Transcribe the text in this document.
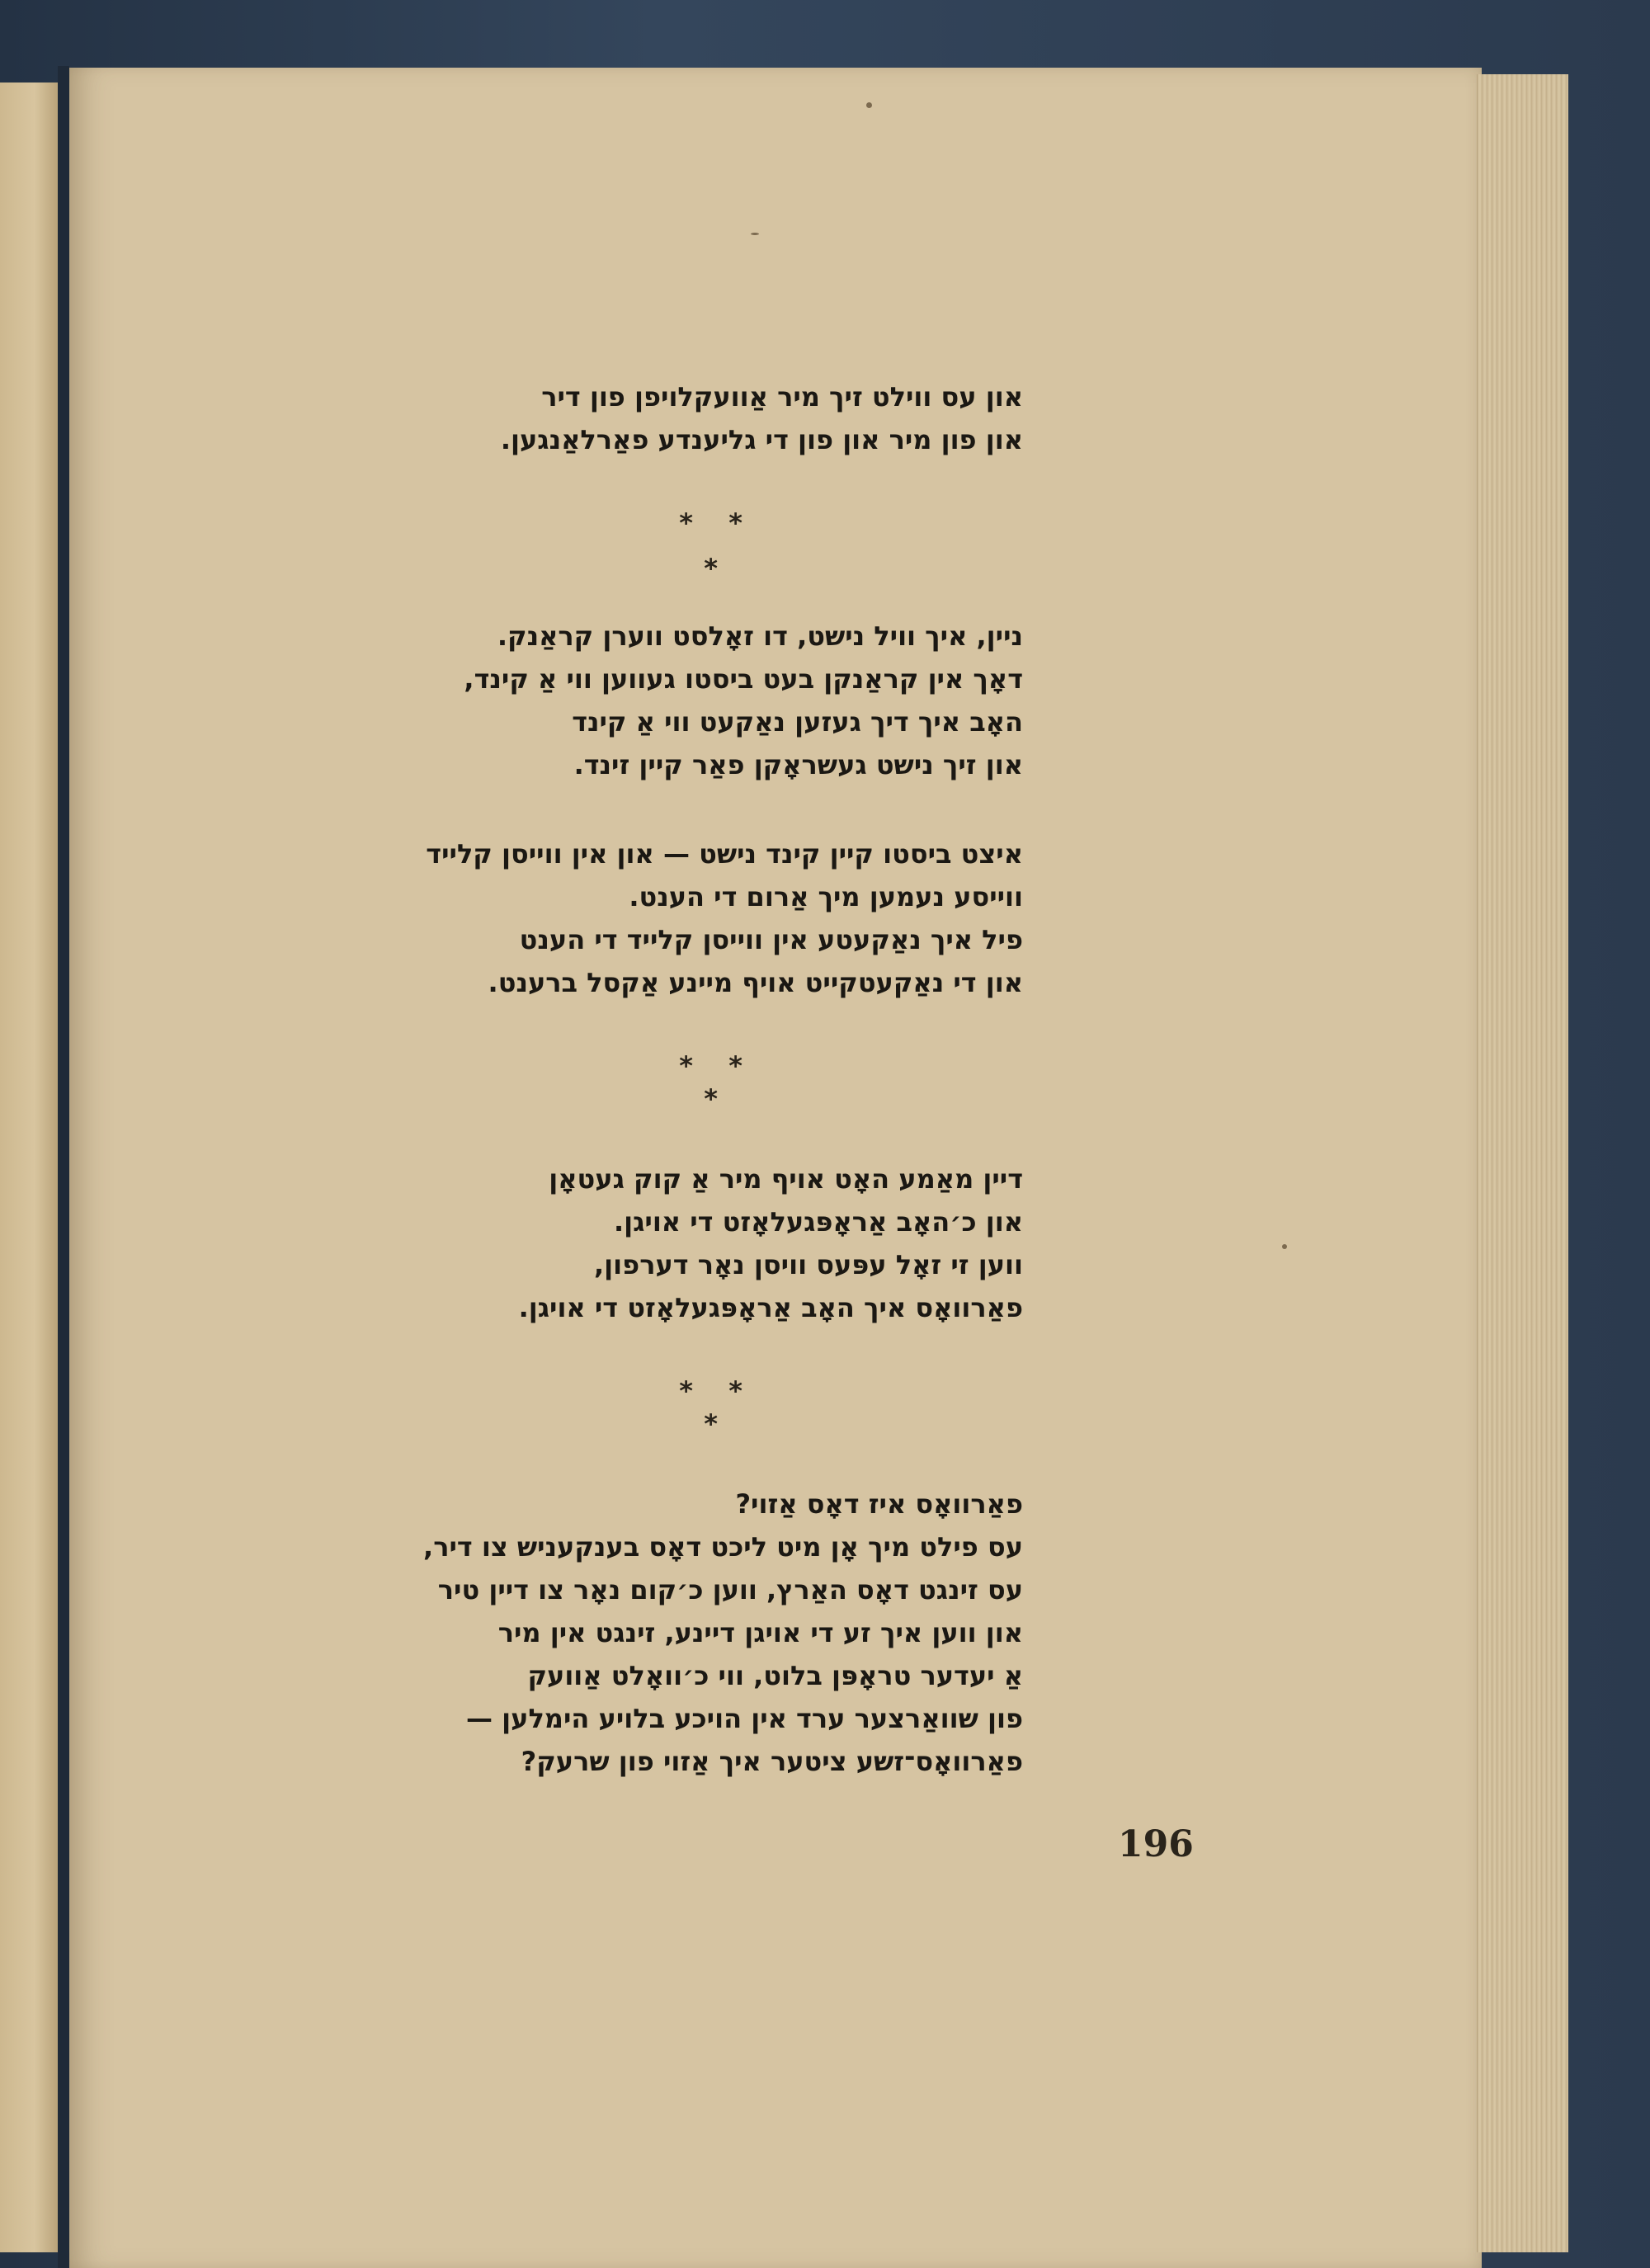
און עס ווילט זיך מיר אַוועקלויפן פון דיר
און פון מיר און פון די גליענדע פאַרלאַנגען.
*
*
*
ניין, איך וויל נישט, דו זאָלסט ווערן קראַנק.
דאָך אין קראַנקן בעט ביסטו געווען ווי אַ קינד,
האָב איך דיך געזען נאַקעט ווי אַ קינד
און זיך נישט געשראָקן פאַר קיין זינד.
איצט ביסטו קיין קינד נישט — און אין ווייסן קלייד
ווייסע נעמען מיך אַרום די הענט.
פיל איך נאַקעטע אין ווייסן קלייד די הענט
און די נאַקעטקייט אויף מיינע אַקסל ברענט.
*
*
*
דיין מאַמע האָט אויף מיר אַ קוק געטאָן
און כ׳האָב אַראָפּגעלאָזט די אויגן.
ווען זי זאָל עפּעס וויסן נאָר דערפון,
פאַרוואָס איך האָב אַראָפּגעלאָזט די אויגן.
*
*
*
פאַרוואָס איז דאָס אַזוי?
עס פילט מיך אָן מיט ליכט דאָס בענקעניש צו דיר,
עס זינגט דאָס האַרץ, ווען כ׳קום נאָר צו דיין טיר
און ווען איך זע די אויגן דיינע, זינגט אין מיר
אַ יעדער טראָפּן בלוט, ווי כ׳וואָלט אַוועק
פון שוואַרצער ערד אין הויכע בלויע הימלען —
פאַרוואָס־זשע ציטער איך אַזוי פון שרעק?
196
